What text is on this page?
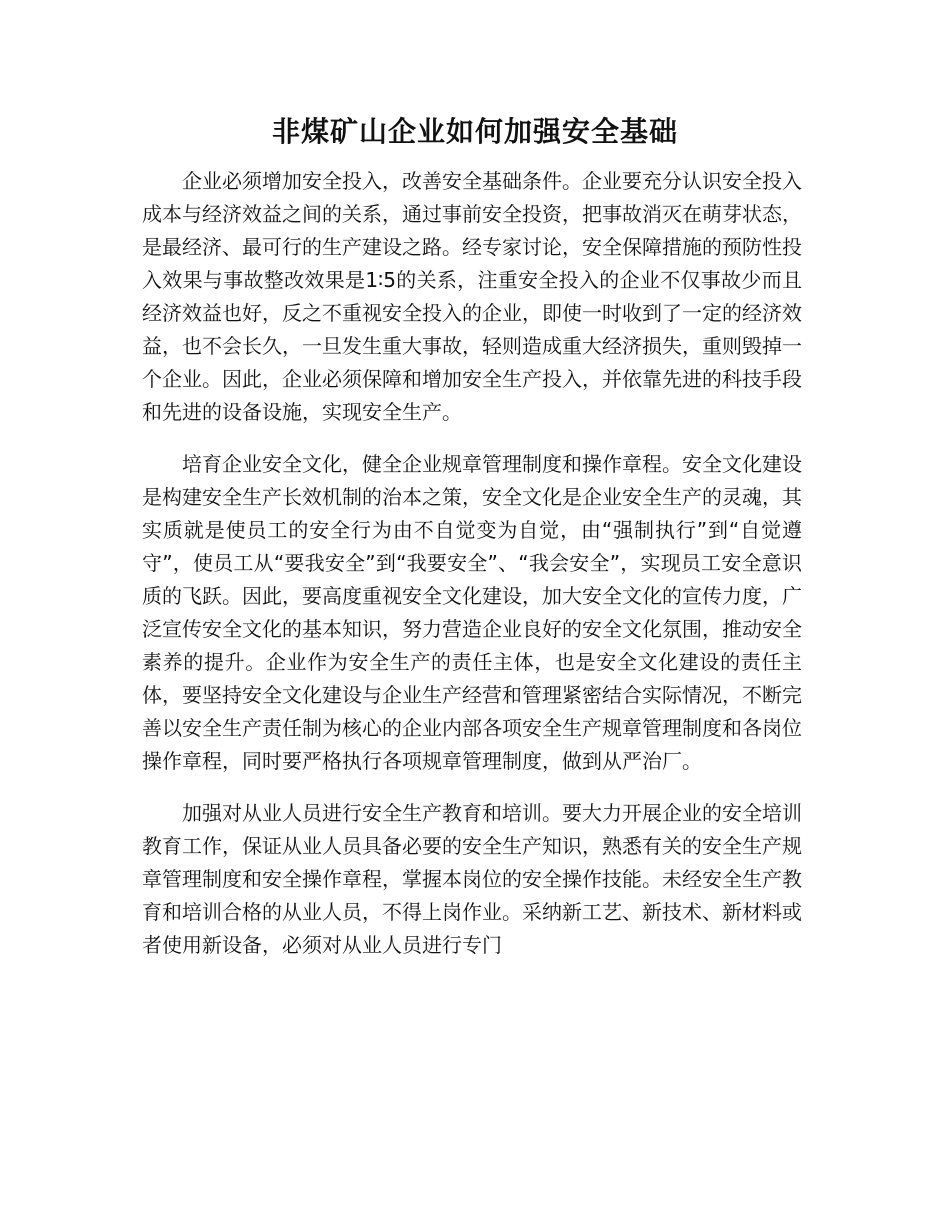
非煤矿山企业如何加强安全基础

企业必须增加安全投入，改善安全基础条件。企业要充分认识安全投入成本与经济效益之间的关系，通过事前安全投资，把事故消灭在萌芽状态，是最经济、最可行的生产建设之路。经专家讨论，安全保障措施的预防性投入效果与事故整改效果是1∶5的关系，注重安全投入的企业不仅事故少而且经济效益也好，反之不重视安全投入的企业，即使一时收到了一定的经济效益，也不会长久，一旦发生重大事故，轻则造成重大经济损失，重则毁掉一个企业。因此，企业必须保障和增加安全生产投入，并依靠先进的科技手段和先进的设备设施，实现安全生产。

培育企业安全文化，健全企业规章管理制度和操作章程。安全文化建设是构建安全生产长效机制的治本之策，安全文化是企业安全生产的灵魂，其实质就是使员工的安全行为由不自觉变为自觉，由“强制执行”到“自觉遵守”，使员工从“要我安全”到“我要安全”、“我会安全”，实现员工安全意识质的飞跃。因此，要高度重视安全文化建设，加大安全文化的宣传力度，广泛宣传安全文化的基本知识，努力营造企业良好的安全文化氛围，推动安全素养的提升。企业作为安全生产的责任主体，也是安全文化建设的责任主体，要坚持安全文化建设与企业生产经营和管理紧密结合实际情况，不断完善以安全生产责任制为核心的企业内部各项安全生产规章管理制度和各岗位操作章程，同时要严格执行各项规章管理制度，做到从严治厂。

加强对从业人员进行安全生产教育和培训。要大力开展企业的安全培训教育工作，保证从业人员具备必要的安全生产知识，熟悉有关的安全生产规章管理制度和安全操作章程，掌握本岗位的安全操作技能。未经安全生产教育和培训合格的从业人员，不得上岗作业。采纳新工艺、新技术、新材料或者使用新设备，必须对从业人员进行专门
